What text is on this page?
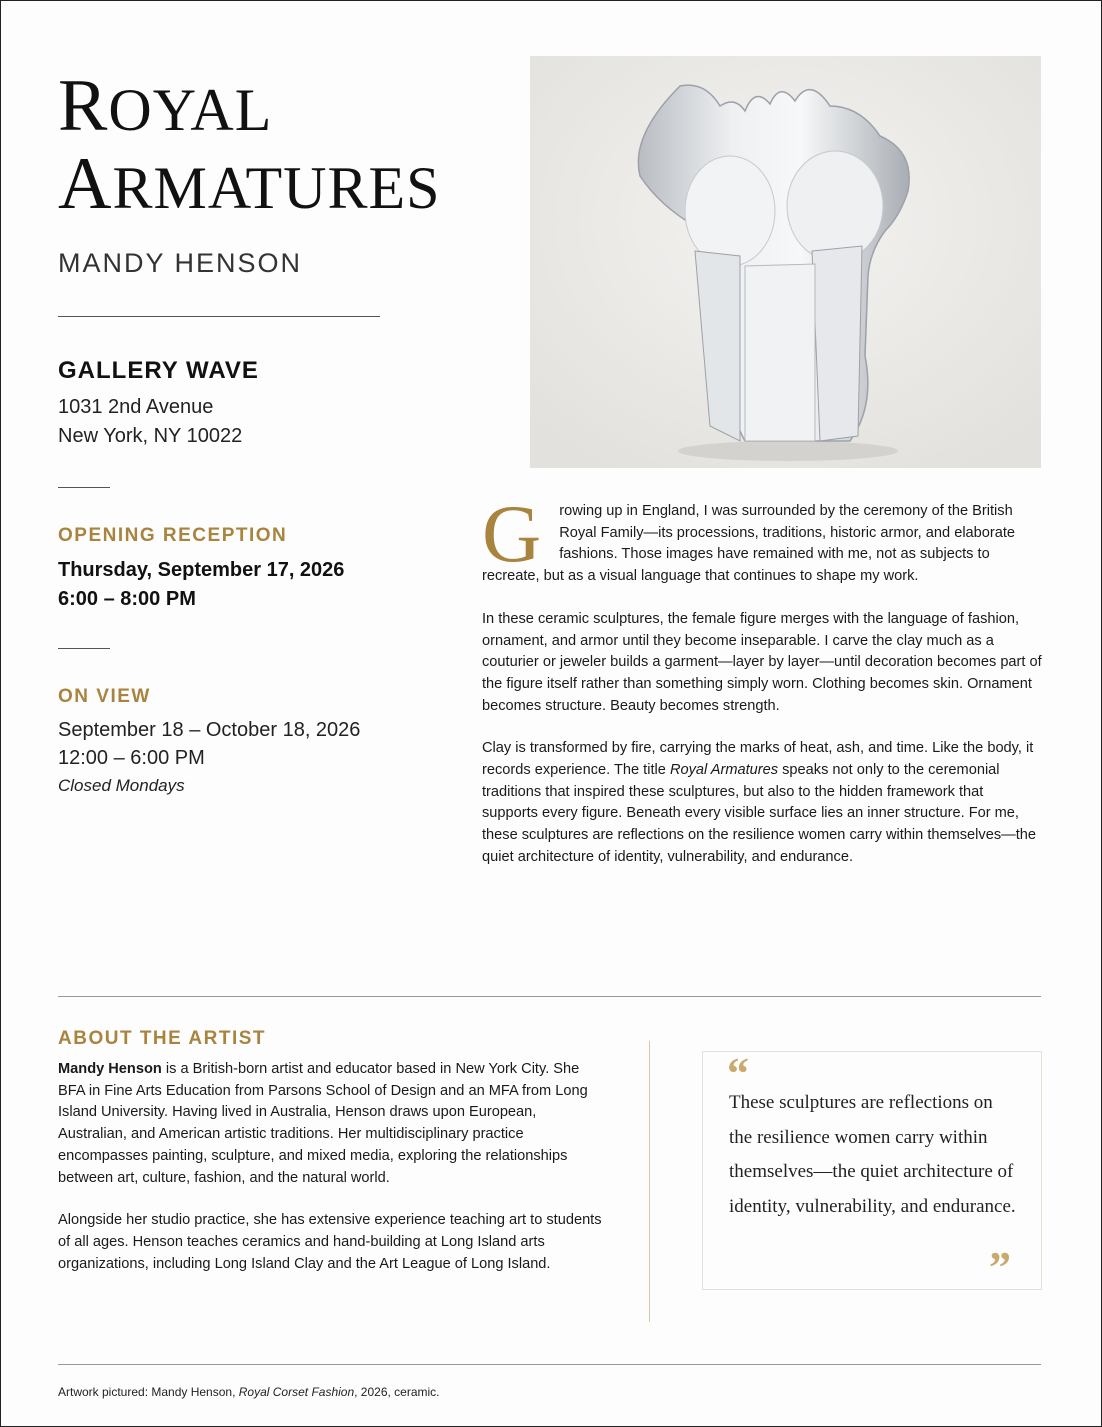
ROYAL
ARMATURES
MANDY HENSON
GALLERY WAVE
1031 2nd Avenue
New York, NY 10022
OPENING RECEPTION
Thursday, September 17, 2026
6:00 – 8:00 PM
ON VIEW
September 18 – October 18, 2026
12:00 – 6:00 PM
Closed Mondays

G rowing up in England, I was surrounded by the ceremony of the British Royal Family—its processions, traditions, historic armor, and elaborate fashions. Those images have remained with me, not as subjects to recreate, but as a visual language that continues to shape my work.

In these ceramic sculptures, the female figure merges with the language of fashion, ornament, and armor until they become inseparable. I carve the clay much as a couturier or jeweler builds a garment—layer by layer—until decoration becomes part of the figure itself rather than something simply worn. Clothing becomes skin. Ornament becomes structure. Beauty becomes strength.

Clay is transformed by fire, carrying the marks of heat, ash, and time. Like the body, it records experience. The title Royal Armatures speaks not only to the ceremonial traditions that inspired these sculptures, but also to the hidden framework that supports every figure. Beneath every visible surface lies an inner structure. For me, these sculptures are reflections on the resilience women carry within themselves—the quiet architecture of identity, vulnerability, and endurance.

ABOUT THE ARTIST

Mandy Henson is a British-born artist and educator based in New York City. She BFA in Fine Arts Education from Parsons School of Design and an MFA from Long Island University. Having lived in Australia, Henson draws upon European, Australian, and American artistic traditions. Her multidisciplinary practice encompasses painting, sculpture, and mixed media, exploring the relationships between art, culture, fashion, and the natural world.

Alongside her studio practice, she has extensive experience teaching art to students of all ages. Henson teaches ceramics and hand-building at Long Island arts organizations, including Long Island Clay and the Art League of Long Island.

“
These sculptures are reflections on the resilience women carry within themselves—the quiet architecture of identity, vulnerability, and endurance.
”
Artwork pictured: Mandy Henson, Royal Corset Fashion, 2026, ceramic.
